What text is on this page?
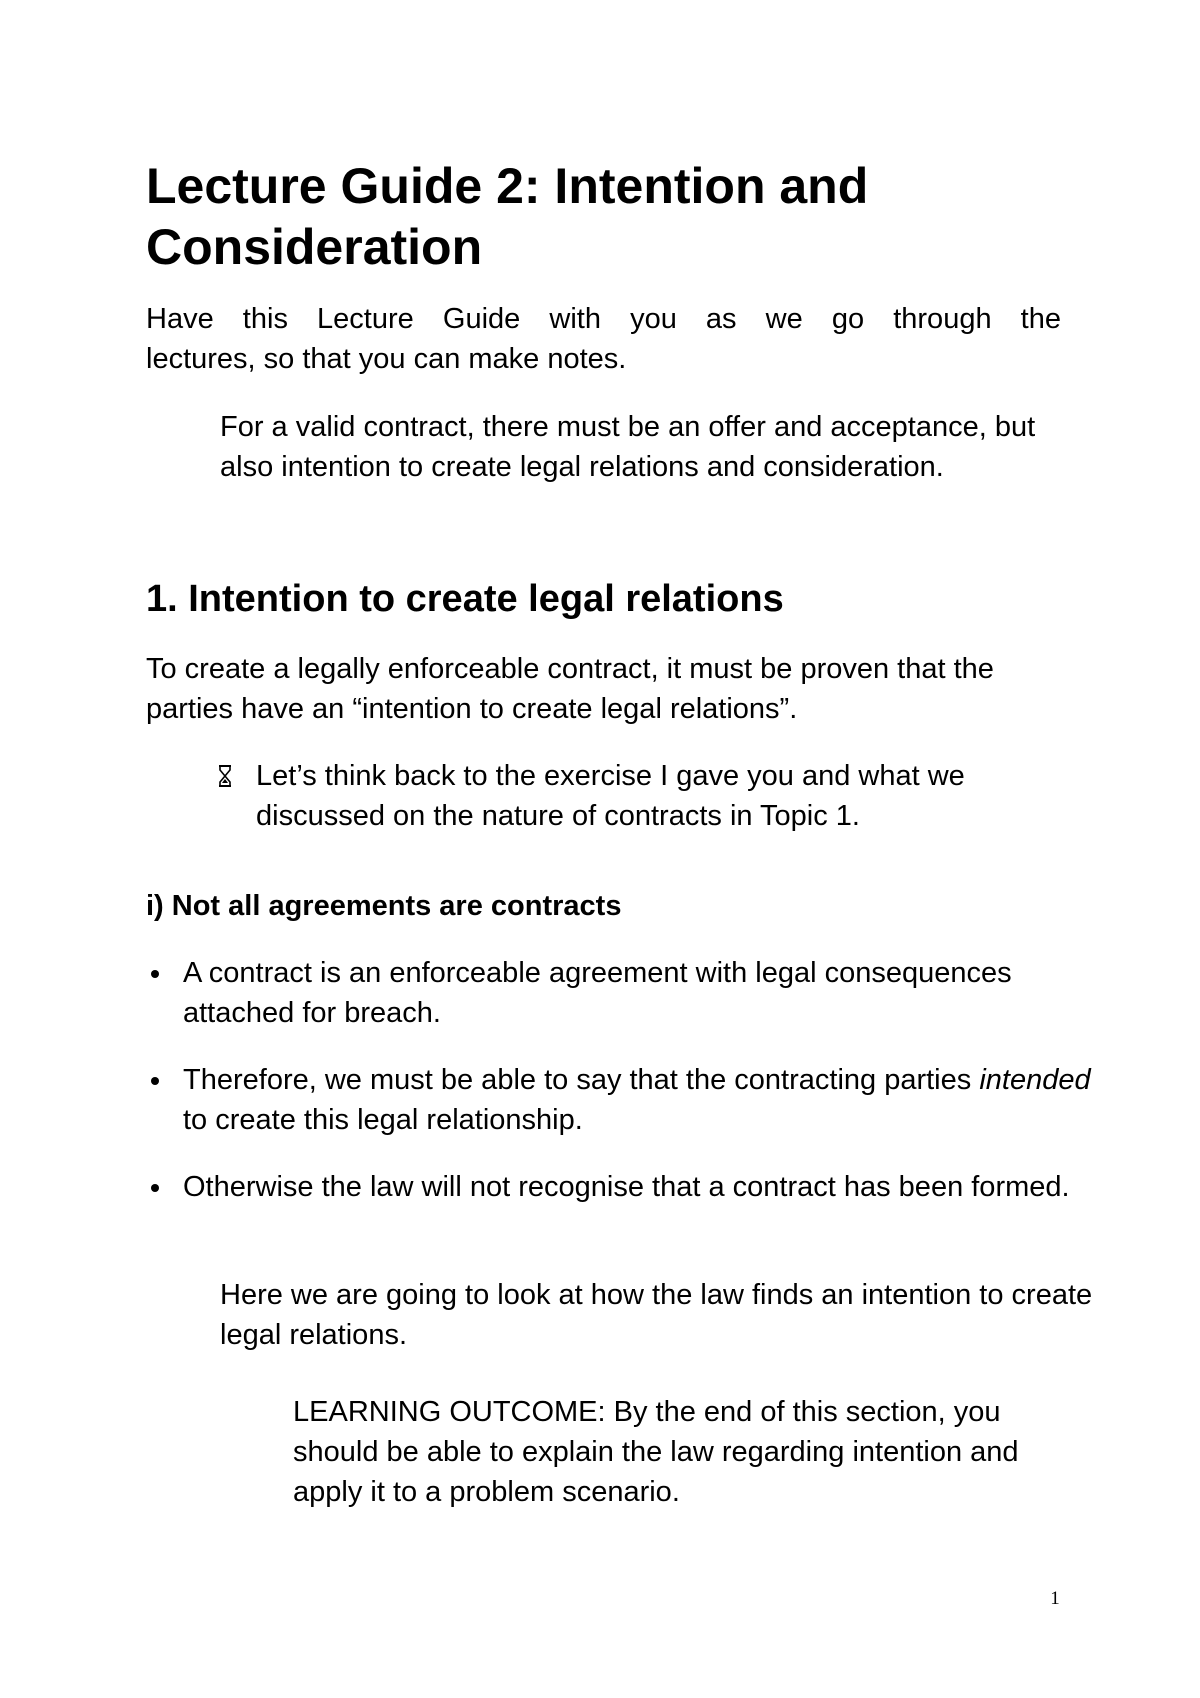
Lecture Guide 2: Intention and Consideration

Have this Lecture Guide with you as we go through the
lectures, so that you can make notes.

For a valid contract, there must be an offer and acceptance, but also intention to create legal relations and consideration.

1. Intention to create legal relations

To create a legally enforceable contract, it must be proven that the parties have an “intention to create legal relations”.

Let’s think back to the exercise I gave you and what we discussed on the nature of contracts in Topic 1.

i) Not all agreements are contracts
A contract is an enforceable agreement with legal consequences attached for breach.
Therefore, we must be able to say that the contracting parties intended to create this legal relationship.
Otherwise the law will not recognise that a contract has been formed.

Here we are going to look at how the law finds an intention to create legal relations.

LEARNING OUTCOME: By the end of this section, you should be able to explain the law regarding intention and apply it to a problem scenario.

1
